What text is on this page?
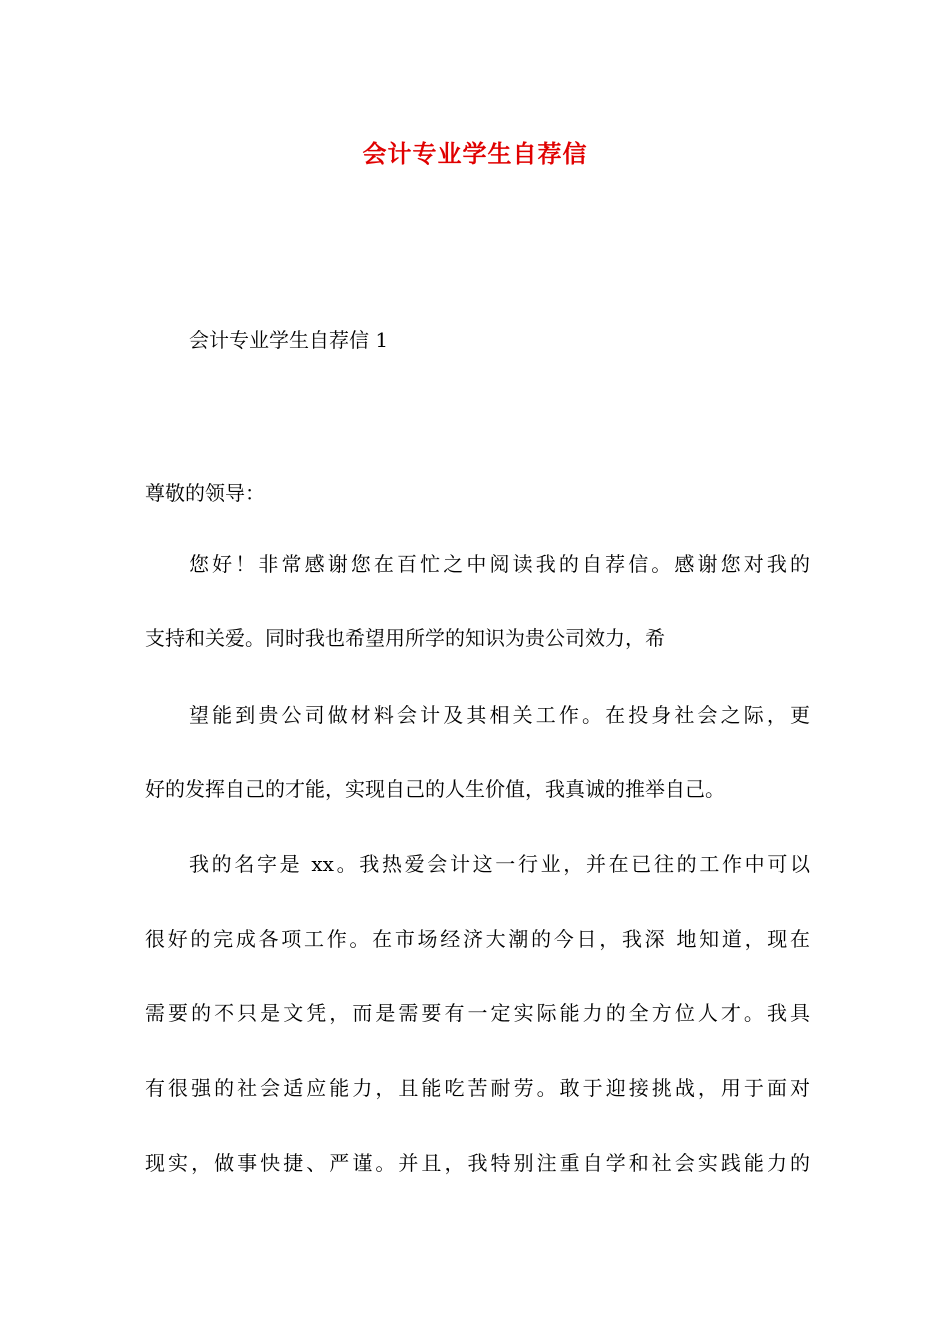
会计专业学生自荐信

会计专业学生自荐信 1

尊敬的领导：

您好！非常感谢您在百忙之中阅读我的自荐信。感谢您对我的

支持和关爱。同时我也希望用所学的知识为贵公司效力，希

望能到贵公司做材料会计及其相关工作。在投身社会之际，更

好的发挥自己的才能，实现自己的人生价值，我真诚的推举自己。

我的名字是 xx。我热爱会计这一行业，并在已往的工作中可以

很好的完成各项工作。在市场经济大潮的今日，我深 地知道，现在

需要的不只是文凭，而是需要有一定实际能力的全方位人才。我具

有很强的社会适应能力，且能吃苦耐劳。敢于迎接挑战，用于面对

现实，做事快捷、严谨。并且，我特别注重自学和社会实践能力的
